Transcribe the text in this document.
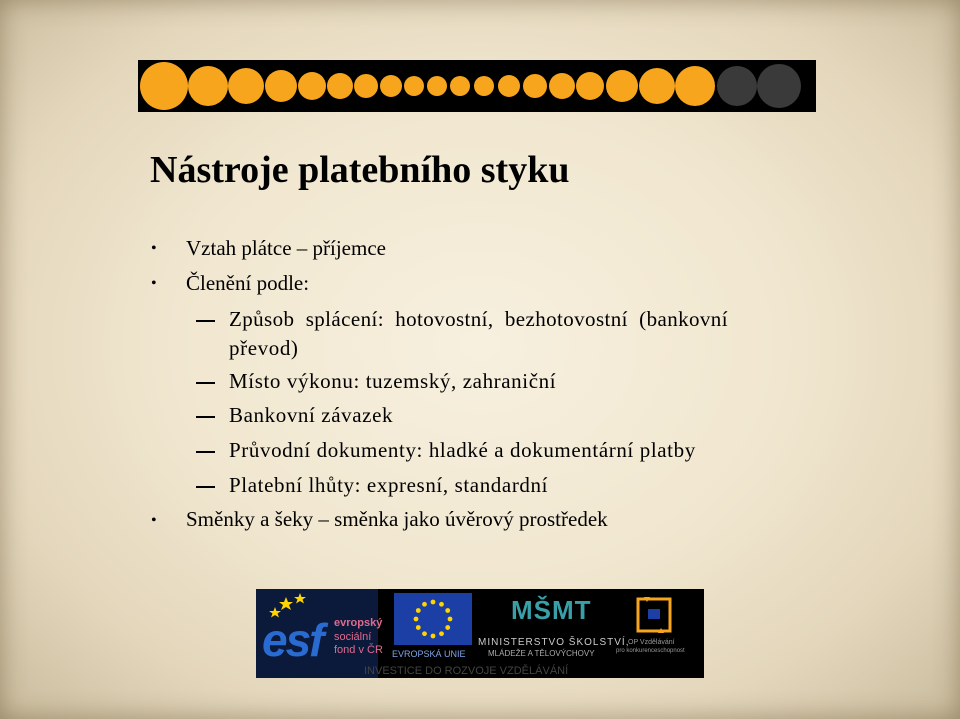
Nástroje platebního styku
• Vztah plátce – příjemce
• Členění podle:
Způsob  splácení:  hotovostní,  bezhotovostní  (bankovní
převod)
Místo výkonu: tuzemský, zahraniční
Bankovní závazek
Průvodní dokumenty: hladké a dokumentární platby
Platební lhůty: expresní, standardní
• Směnky a šeky – směnka jako úvěrový prostředek
esf evropský
sociální
fond v ČR EVROPSKÁ UNIE
MŠMT
MINISTERSTVO ŠKOLSTVÍ,
MLÁDEŽE A TĚLOVÝCHOVY
OP Vzdělávání
pro konkurenceschopnost
INVESTICE DO ROZVOJE VZDĚLÁVÁNÍ
